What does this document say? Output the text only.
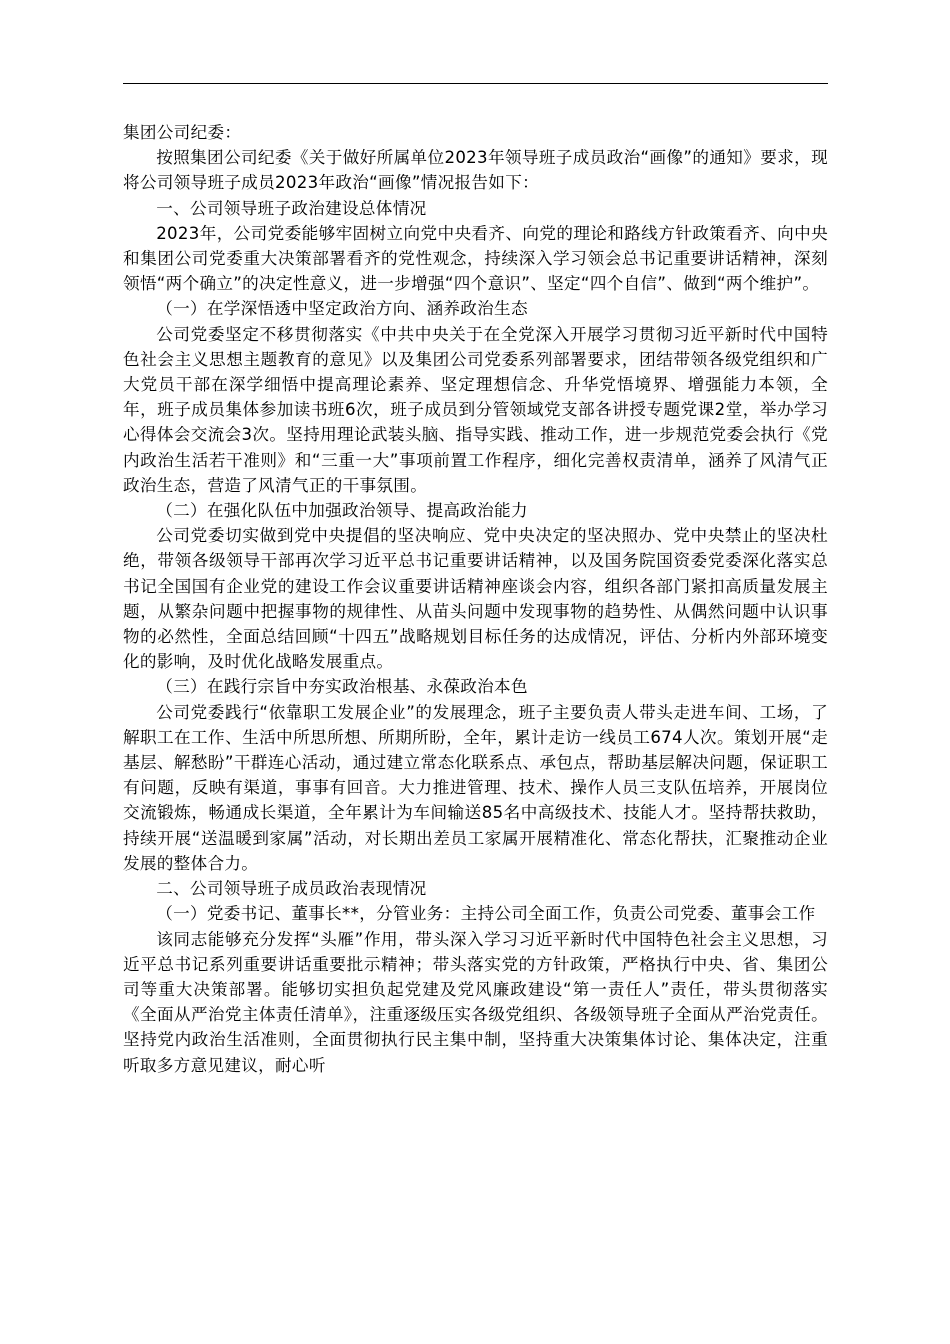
集团公司纪委：

按照集团公司纪委《关于做好所属单位2023年领导班子成员政治“画像”的通知》要求，现将公司领导班子成员2023年政治“画像”情况报告如下：

一、公司领导班子政治建设总体情况

2023年，公司党委能够牢固树立向党中央看齐、向党的理论和路线方针政策看齐、向中央和集团公司党委重大决策部署看齐的党性观念，持续深入学习领会总书记重要讲话精神，深刻领悟“两个确立”的决定性意义，进一步增强“四个意识”、坚定“四个自信”、做到“两个维护”。

（一）在学深悟透中坚定政治方向、涵养政治生态

公司党委坚定不移贯彻落实《中共中央关于在全党深入开展学习贯彻习近平新时代中国特色社会主义思想主题教育的意见》以及集团公司党委系列部署要求，团结带领各级党组织和广大党员干部在深学细悟中提高理论素养、坚定理想信念、升华党悟境界、增强能力本领，全年，班子成员集体参加读书班6次，班子成员到分管领域党支部各讲授专题党课2堂，举办学习心得体会交流会3次。坚持用理论武装头脑、指导实践、推动工作，进一步规范党委会执行《党内政治生活若干准则》和“三重一大”事项前置工作程序，细化完善权责清单，涵养了风清气正政治生态，营造了风清气正的干事氛围。

（二）在强化队伍中加强政治领导、提高政治能力

公司党委切实做到党中央提倡的坚决响应、党中央决定的坚决照办、党中央禁止的坚决杜绝，带领各级领导干部再次学习近平总书记重要讲话精神，以及国务院国资委党委深化落实总书记全国国有企业党的建设工作会议重要讲话精神座谈会内容，组织各部门紧扣高质量发展主题，从繁杂问题中把握事物的规律性、从苗头问题中发现事物的趋势性、从偶然问题中认识事物的必然性，全面总结回顾“十四五”战略规划目标任务的达成情况，评估、分析内外部环境变化的影响，及时优化战略发展重点。

（三）在践行宗旨中夯实政治根基、永葆政治本色

公司党委践行“依靠职工发展企业”的发展理念，班子主要负责人带头走进车间、工场，了解职工在工作、生活中所思所想、所期所盼，全年，累计走访一线员工674人次。策划开展“走基层、解愁盼”干群连心活动，通过建立常态化联系点、承包点，帮助基层解决问题，保证职工有问题，反映有渠道，事事有回音。大力推进管理、技术、操作人员三支队伍培养，开展岗位交流锻炼，畅通成长渠道，全年累计为车间输送85名中高级技术、技能人才。坚持帮扶救助，持续开展“送温暖到家属”活动，对长期出差员工家属开展精准化、常态化帮扶，汇聚推动企业发展的整体合力。

二、公司领导班子成员政治表现情况

（一）党委书记、董事长**，分管业务：主持公司全面工作，负责公司党委、董事会工作

该同志能够充分发挥“头雁”作用，带头深入学习习近平新时代中国特色社会主义思想，习近平总书记系列重要讲话重要批示精神；带头落实党的方针政策，严格执行中央、省、集团公司等重大决策部署。能够切实担负起党建及党风廉政建设“第一责任人”责任，带头贯彻落实《全面从严治党主体责任清单》，注重逐级压实各级党组织、各级领导班子全面从严治党责任。坚持党内政治生活准则，全面贯彻执行民主集中制，坚持重大决策集体讨论、集体决定，注重听取多方意见建议，耐心听
